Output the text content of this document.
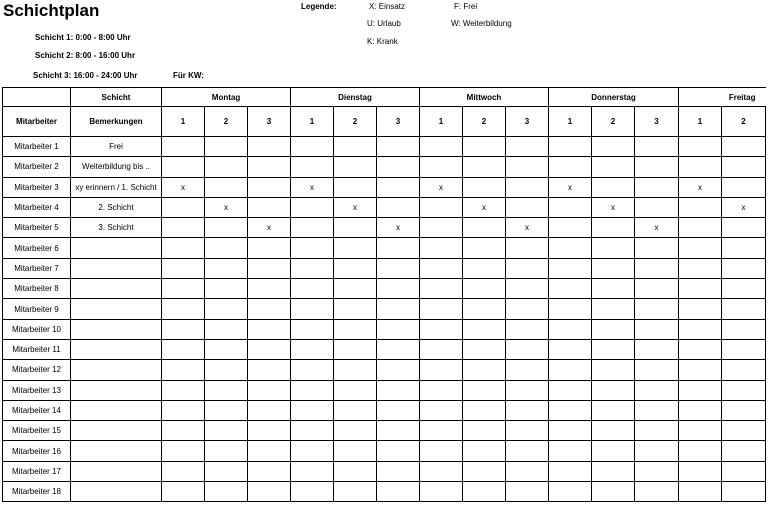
Schichtplan
Schicht 1: 0:00 - 8:00 Uhr
Schicht 2: 8:00 - 16:00 Uhr
Schicht 3: 16:00 - 24:00 Uhr	Für KW:
Legende:	X: Einsatz	F: Frei
U: Urlaub	W: Weiterbildung
K: Krank
	Schicht	Montag			Dienstag			Mittwoch			Donnerstag			Freitag	
Mitarbeiter	Bemerkungen	1	2	3	1	2	3	1	2	3	1	2	3	1	2
Mitarbeiter 1	Frei														
Mitarbeiter 2	Weiterbildung bis ..														
Mitarbeiter 3	xy erinnern / 1. Schicht	x			x			x			x			x	
Mitarbeiter 4	2. Schicht		x			x			x			x			x
Mitarbeiter 5	3. Schicht			x			x			x			x		
Mitarbeiter 6															
Mitarbeiter 7															
Mitarbeiter 8															
Mitarbeiter 9															
Mitarbeiter 10															
Mitarbeiter 11															
Mitarbeiter 12															
Mitarbeiter 13															
Mitarbeiter 14															
Mitarbeiter 15															
Mitarbeiter 16															
Mitarbeiter 17															
Mitarbeiter 18															
